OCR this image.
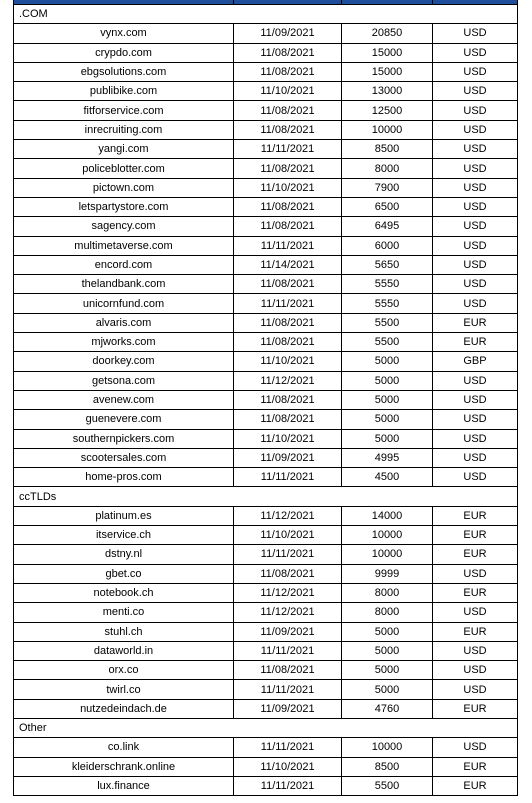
.COM			
vynx.com	11/09/2021	20850	USD
crypdo.com	11/08/2021	15000	USD
ebgsolutions.com	11/08/2021	15000	USD
publibike.com	11/10/2021	13000	USD
fitforservice.com	11/08/2021	12500	USD
inrecruiting.com	11/08/2021	10000	USD
yangi.com	11/11/2021	8500	USD
policeblotter.com	11/08/2021	8000	USD
pictown.com	11/10/2021	7900	USD
letspartystore.com	11/08/2021	6500	USD
sagency.com	11/08/2021	6495	USD
multimetaverse.com	11/11/2021	6000	USD
encord.com	11/14/2021	5650	USD
thelandbank.com	11/08/2021	5550	USD
unicornfund.com	11/11/2021	5550	USD
alvaris.com	11/08/2021	5500	EUR
mjworks.com	11/08/2021	5500	EUR
doorkey.com	11/10/2021	5000	GBP
getsona.com	11/12/2021	5000	USD
avenew.com	11/08/2021	5000	USD
guenevere.com	11/08/2021	5000	USD
southernpickers.com	11/10/2021	5000	USD
scootersales.com	11/09/2021	4995	USD
home-pros.com	11/11/2021	4500	USD
ccTLDs			
platinum.es	11/12/2021	14000	EUR
itservice.ch	11/10/2021	10000	EUR
dstny.nl	11/11/2021	10000	EUR
gbet.co	11/08/2021	9999	USD
notebook.ch	11/12/2021	8000	EUR
menti.co	11/12/2021	8000	USD
stuhl.ch	11/09/2021	5000	EUR
dataworld.in	11/11/2021	5000	USD
orx.co	11/08/2021	5000	USD
twirl.co	11/11/2021	5000	USD
nutzedeindach.de	11/09/2021	4760	EUR
Other			
co.link	11/11/2021	10000	USD
kleiderschrank.online	11/10/2021	8500	EUR
lux.finance	11/11/2021	5500	EUR
